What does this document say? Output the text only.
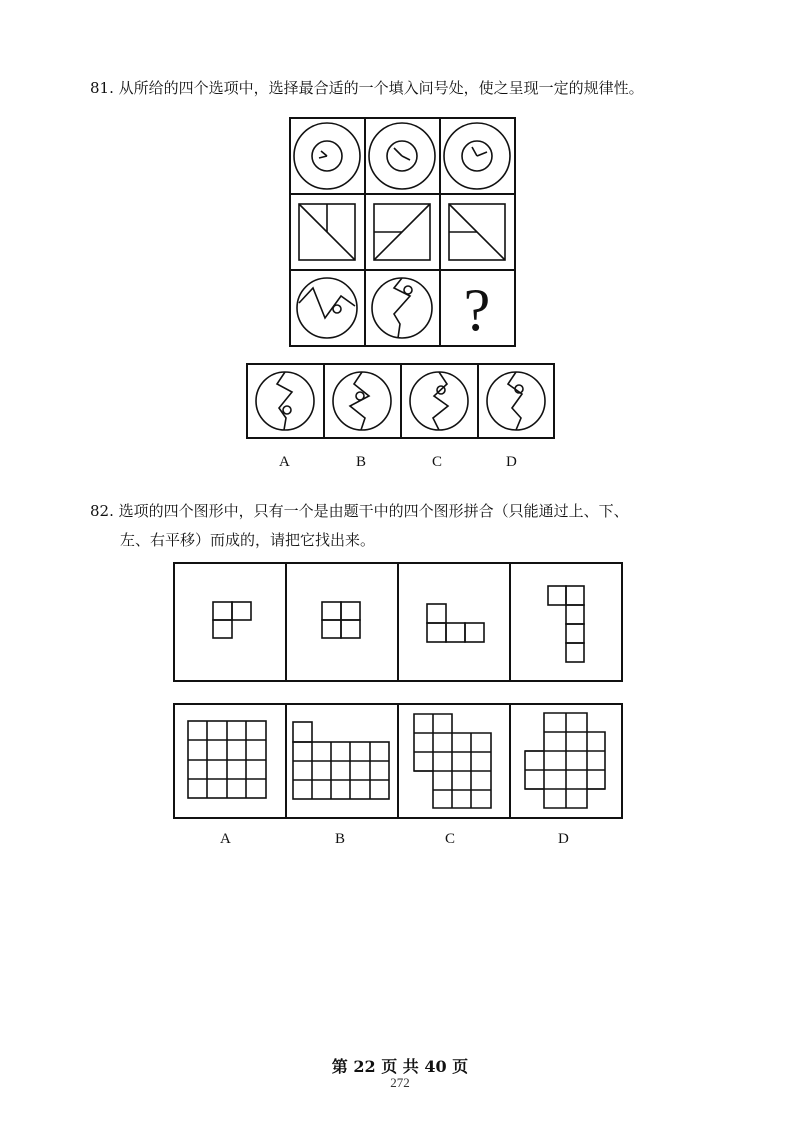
81. 从所给的四个选项中，选择最合适的一个填入问号处，使之呈现一定的规律性。
?
A	B	C	D
82. 选项的四个图形中，只有一个是由题干中的四个图形拼合（只能通过上、下、
左、右平移）而成的，请把它找出来。
A	B	C	D
第 22 页 共 40 页
272
